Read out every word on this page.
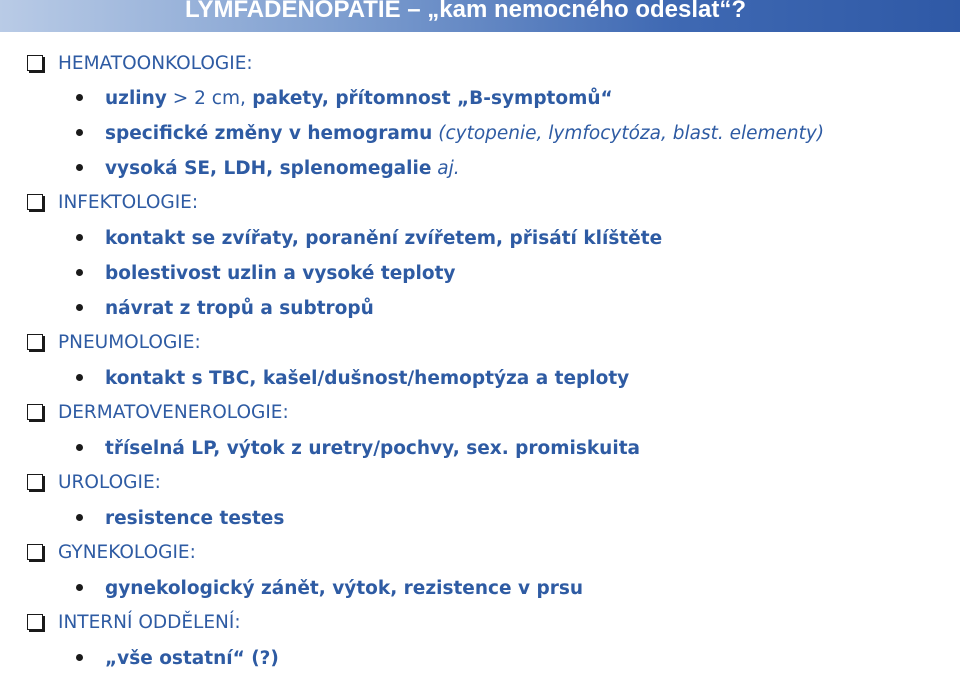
LYMFADENOPATIE – „kam nemocného odeslat“?
HEMATOONKOLOGIE:
uzliny > 2 cm, pakety, přítomnost „B-symptomů“
specifické změny v hemogramu (cytopenie, lymfocytóza, blast. elementy)
vysoká SE, LDH, splenomegalie aj.
INFEKTOLOGIE:
kontakt se zvířaty, poranění zvířetem, přisátí klíštěte
bolestivost uzlin a vysoké teploty
návrat z tropů a subtropů
PNEUMOLOGIE:
kontakt s TBC, kašel/dušnost/hemoptýza a teploty
DERMATOVENEROLOGIE:
tříselná LP, výtok z uretry/pochvy, sex. promiskuita
UROLOGIE:
resistence testes
GYNEKOLOGIE:
gynekologický zánět, výtok, rezistence v prsu
INTERNÍ ODDĚLENÍ:
„vše ostatní“ (?)
